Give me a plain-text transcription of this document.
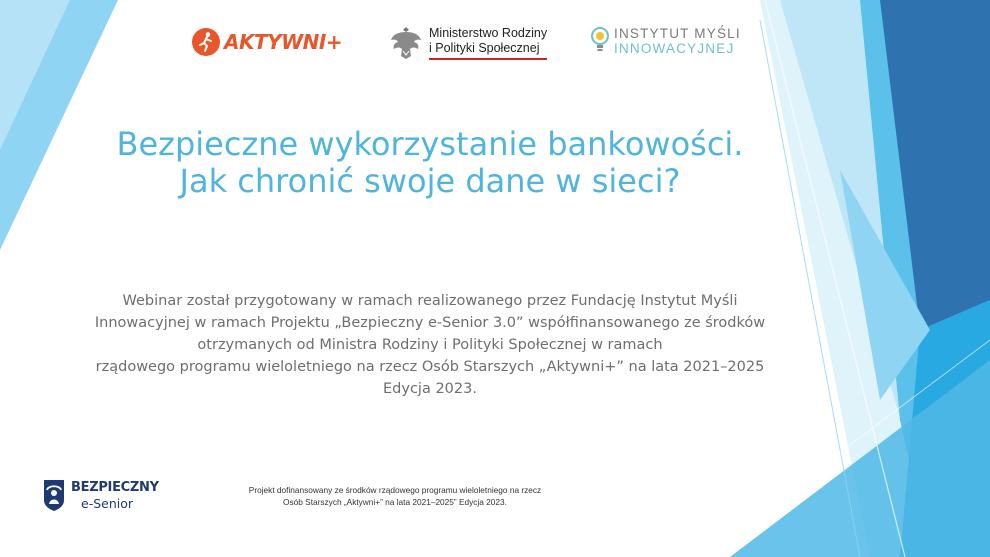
AKTYWNI+	Ministerstwo Rodziny
i Polityki Społecznej
INSTYTUT MYŚLI
INNOWACYJNEJ
Bezpieczne wykorzystanie bankowości.
Jak chronić swoje dane w sieci?
Webinar został przygotowany w ramach realizowanego przez Fundację Instytut Myśli
Innowacyjnej w ramach Projektu „Bezpieczny e-Senior 3.0” współfinansowanego ze środków
otrzymanych od Ministra Rodziny i Polityki Społecznej w ramach
rządowego programu wieloletniego na rzecz Osób Starszych „Aktywni+” na lata 2021–2025
Edycja 2023.
BEZPIECZNY
e-Senior
Projekt dofinansowany ze środków rządowego programu wieloletniego na rzecz
Osób Starszych „Aktywni+” na lata 2021–2025” Edycja 2023.
